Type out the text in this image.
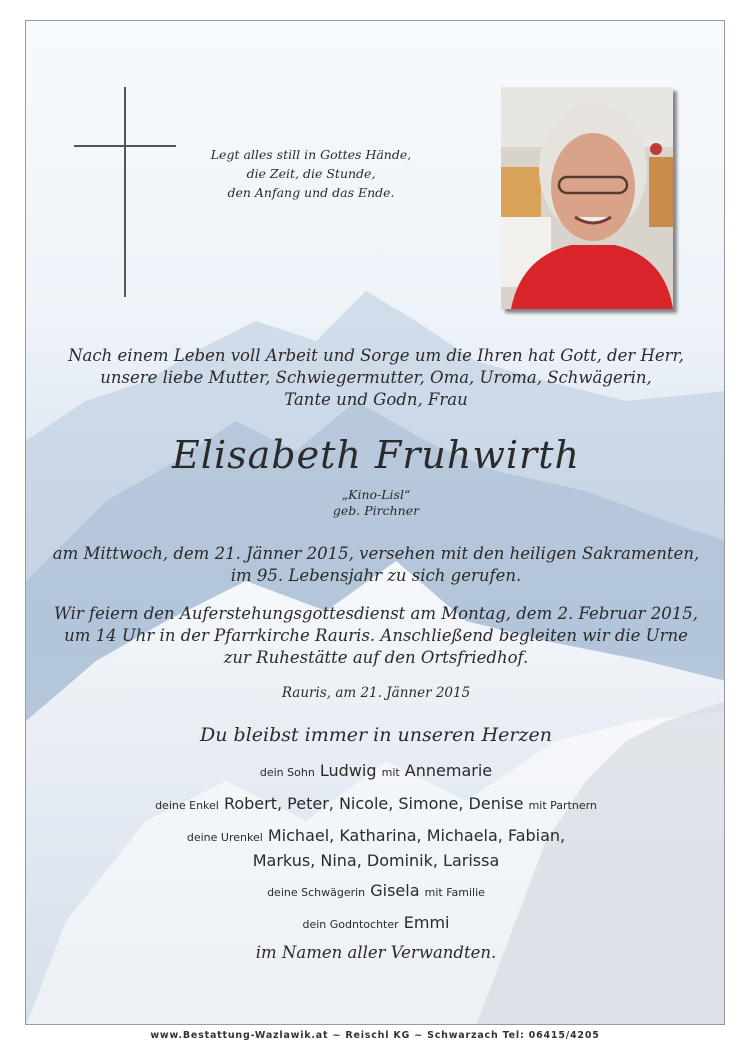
Legt alles still in Gottes Hände,
die Zeit, die Stunde,
den Anfang und das Ende.
Nach einem Leben voll Arbeit und Sorge um die Ihren hat Gott, der Herr,
unsere liebe Mutter, Schwiegermutter, Oma, Uroma, Schwägerin,
Tante und Godn, Frau
Elisabeth Fruhwirth
„Kino-Lisl“
geb. Pirchner
am Mittwoch, dem 21. Jänner 2015, versehen mit den heiligen Sakramenten,
im 95. Lebensjahr zu sich gerufen.
Wir feiern den Auferstehungsgottesdienst am Montag, dem 2. Februar 2015,
um 14 Uhr in der Pfarrkirche Rauris. Anschließend begleiten wir die Urne
zur Ruhestätte auf den Ortsfriedhof.
Rauris, am 21. Jänner 2015
Du bleibst immer in unseren Herzen
dein Sohn Ludwig mit Annemarie
deine Enkel Robert, Peter, Nicole, Simone, Denise mit Partnern
deine Urenkel Michael, Katharina, Michaela, Fabian,
Markus, Nina, Dominik, Larissa
deine Schwägerin Gisela mit Familie
dein Godntochter Emmi
im Namen aller Verwandten.
www.Bestattung-Wazlawik.at ~ Reischl KG ~ Schwarzach Tel: 06415/4205
